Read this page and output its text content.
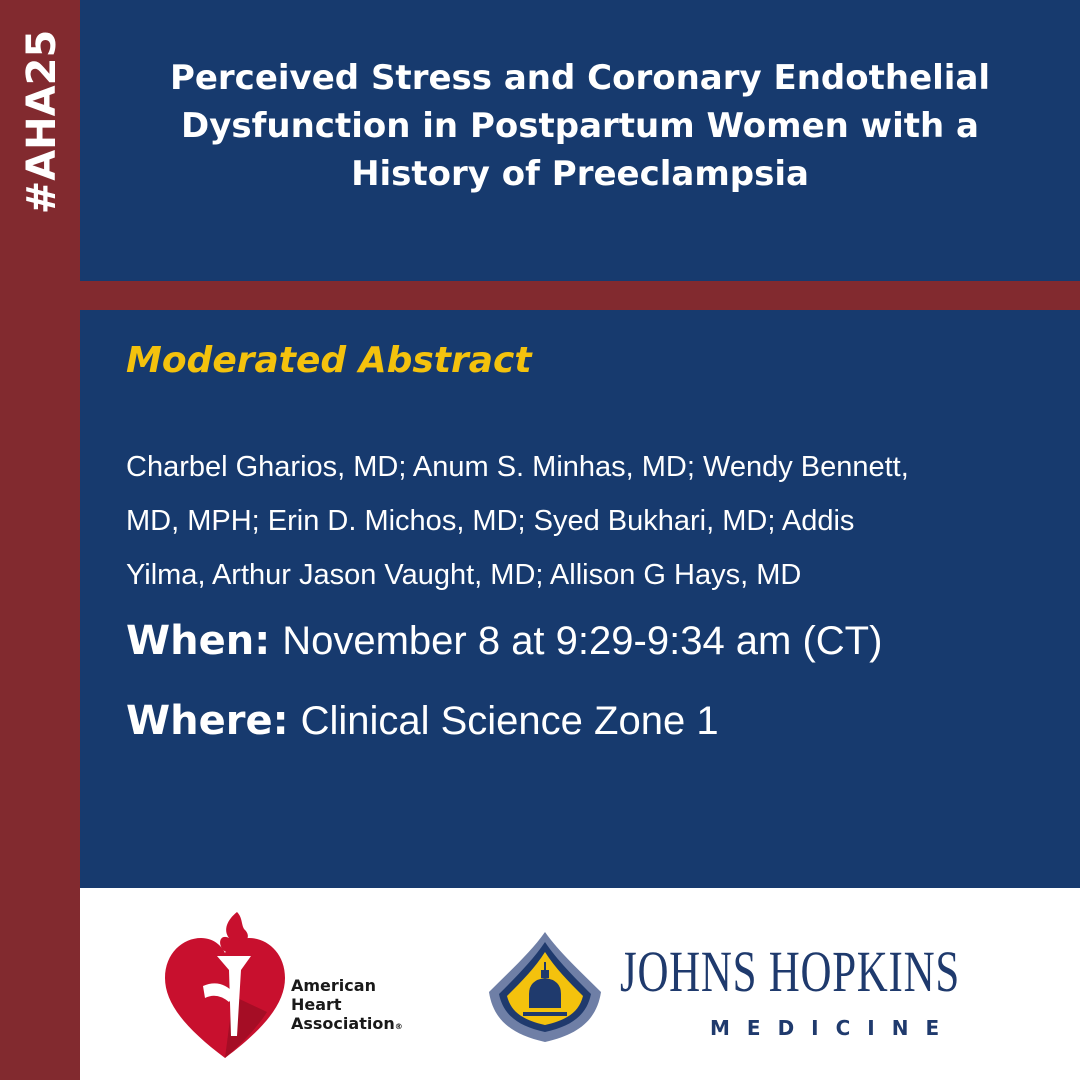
#AHA25	Perceived Stress and Coronary Endothelial
Dysfunction in Postpartum Women with a
History of Preeclampsia
Moderated Abstract
Charbel Gharios, MD; Anum S. Minhas, MD; Wendy Bennett,
MD, MPH; Erin D. Michos, MD; Syed Bukhari, MD; Addis
Yilma, Arthur Jason Vaught, MD; Allison G Hays, MD
When: November 8 at 9:29-9:34 am (CT)
Where: Clinical Science Zone 1
American
Heart
Association®
JOHNS HOPKINS
MEDICINE
